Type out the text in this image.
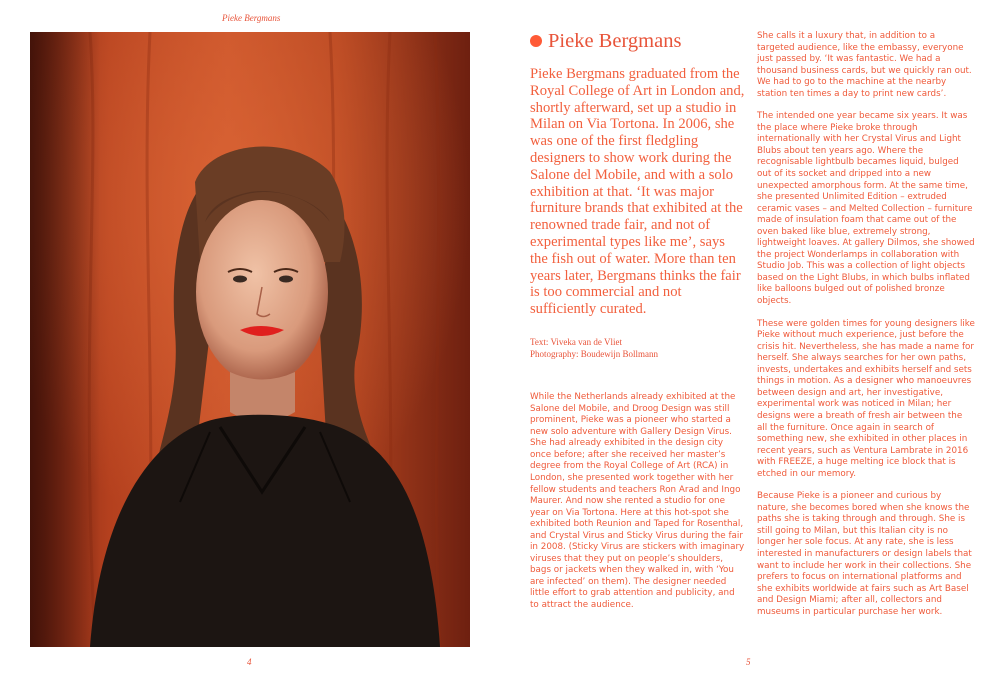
Pieke Bergmans
4	5
Pieke Bergmans
Pieke Bergmans graduated from the Royal College of Art in London and, shortly afterward, set up a studio in Milan on Via Tortona. In 2006, she was one of the first fledgling designers to show work during the Salone del Mobile, and with a solo exhibition at that. ‘It was major furniture brands that exhibited at the renowned trade fair, and not of experimental types like me’, says the fish out of water. More than ten years later, Bergmans thinks the fair is too commercial and not sufficiently curated.
Text: Viveka van de Vliet
Photography: Boudewijn Bollmann

While the Netherlands already exhibited at the Salone del Mobile, and Droog Design was still prominent, Pieke was a pioneer who started a new solo adventure with Gallery Design Virus. She had already exhibited in the design city once before; after she received her master’s degree from the Royal College of Art (RCA) in London, she presented work together with her fellow students and teachers Ron Arad and Ingo Maurer. And now she rented a studio for one year on Via Tortona. Here at this hot-spot she exhibited both Reunion and Taped for Rosenthal, and Crystal Virus and Sticky Virus during the fair in 2008. (Sticky Virus are stickers with imaginary viruses that they put on people’s shoulders, bags or jackets when they walked in, with ‘You are infected’ on them). The designer needed little effort to grab attention and publicity, and to attract the audience.

She calls it a luxury that, in addition to a targeted audience, like the embassy, everyone just passed by. ‘It was fantastic. We had a thousand business cards, but we quickly ran out. We had to go to the machine at the nearby station ten times a day to print new cards’.

The intended one year became six years. It was the place where Pieke broke through internationally with her Crystal Virus and Light Blubs about ten years ago. Where the recognisable lightbulb becames liquid, bulged out of its socket and dripped into a new unexpected amorphous form. At the same time, she presented Unlimited Edition – extruded ceramic vases – and Melted Collection – furniture made of insulation foam that came out of the oven baked like blue, extremely strong, lightweight loaves. At gallery Dilmos, she showed the project Wonderlamps in collaboration with Studio Job. This was a collection of light objects based on the Light Blubs, in which bulbs inflated like balloons bulged out of polished bronze objects.

These were golden times for young designers like Pieke without much experience, just before the crisis hit. Nevertheless, she has made a name for herself. She always searches for her own paths, invests, undertakes and exhibits herself and sets things in motion. As a designer who manoeuvres between design and art, her investigative, experimental work was noticed in Milan; her designs were a breath of fresh air between the all the furniture. Once again in search of something new, she exhibited in other places in recent years, such as Ventura Lambrate in 2016 with FREEZE, a huge melting ice block that is etched in our memory.

Because Pieke is a pioneer and curious by nature, she becomes bored when she knows the paths she is taking through and through. She is still going to Milan, but this Italian city is no longer her sole focus. At any rate, she is less interested in manufacturers or design labels that want to include her work in their collections. She prefers to focus on international platforms and she exhibits worldwide at fairs such as Art Basel and Design Miami; after all, collectors and museums in particular purchase her work.
